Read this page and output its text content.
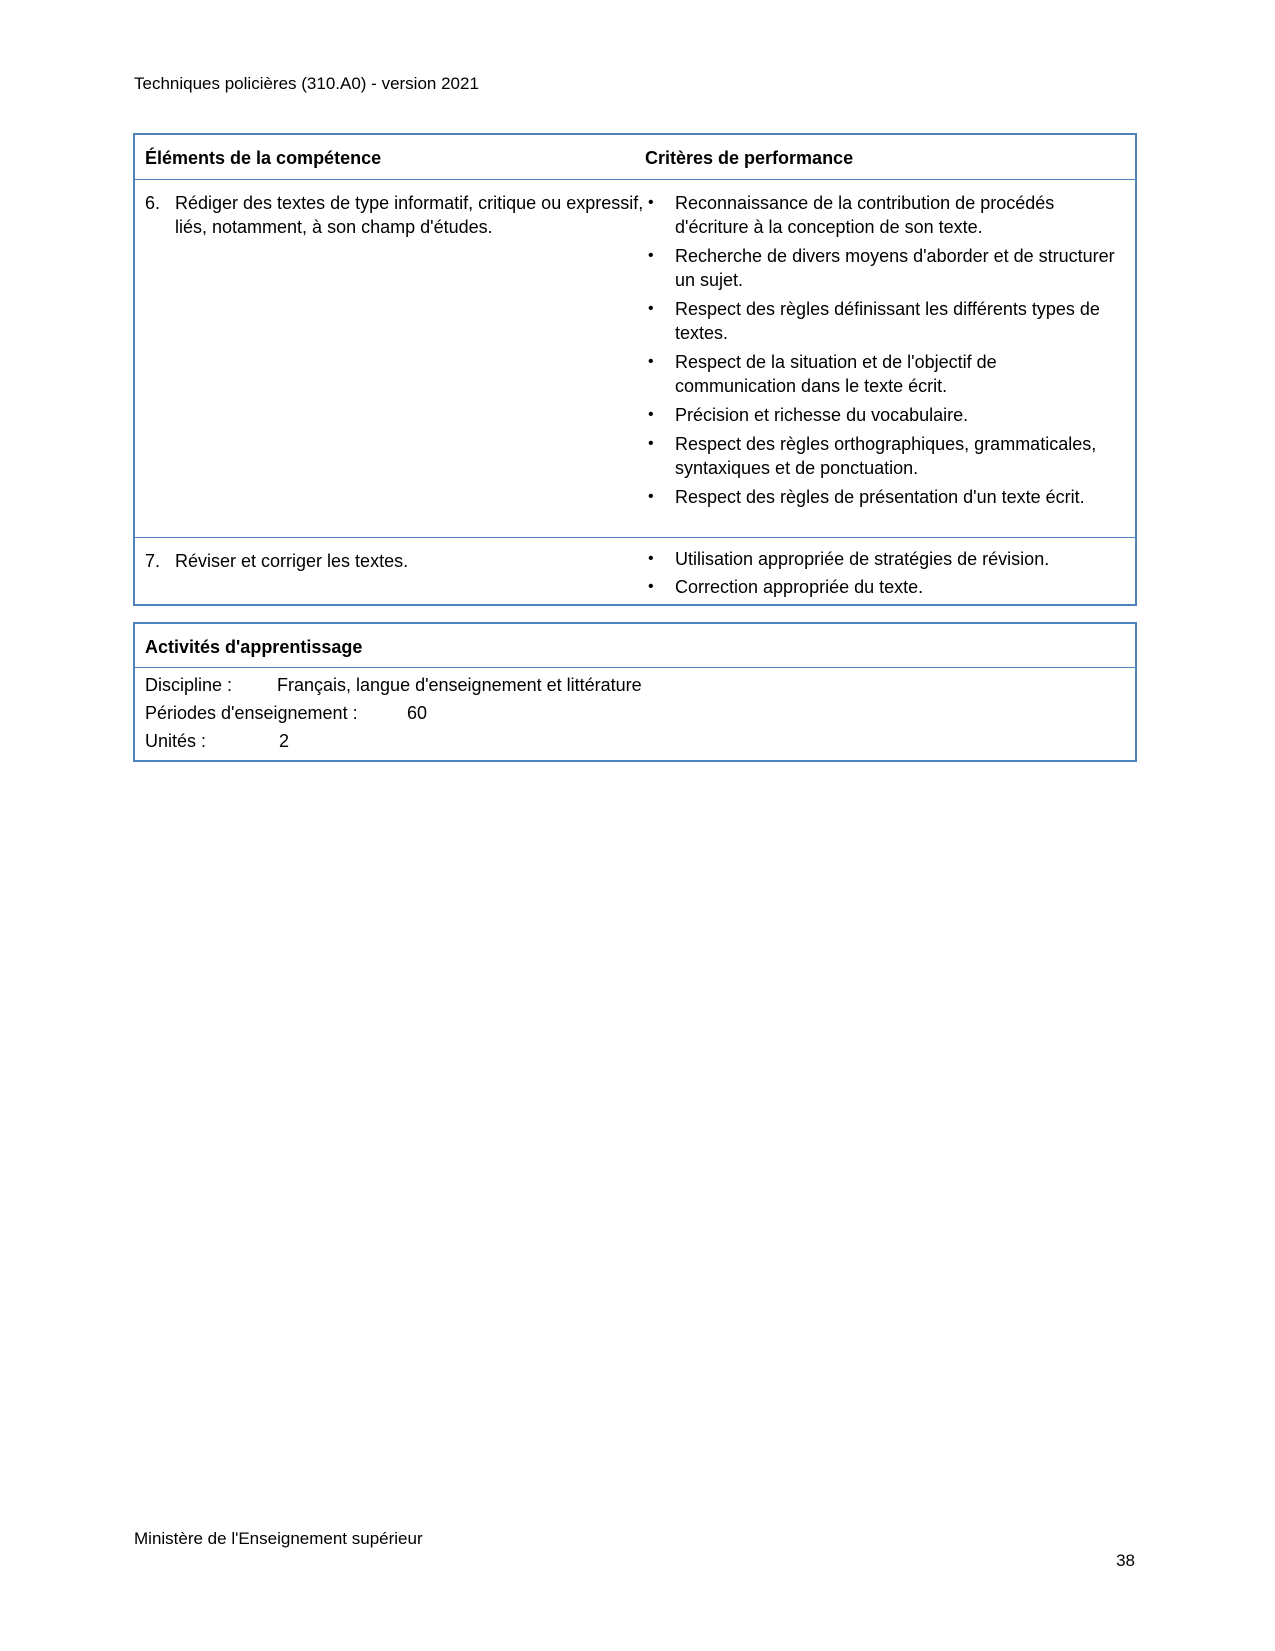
Techniques policières (310.A0) - version 2021
Éléments de la compétence	Critères de performance
6. Rédiger des textes de type informatif, critique ou expressif, liés, notamment, à son champ d'études.
• Reconnaissance de la contribution de procédés d'écriture à la conception de son texte.
• Recherche de divers moyens d'aborder et de structurer un sujet.
• Respect des règles définissant les différents types de textes.
• Respect de la situation et de l'objectif de communication dans le texte écrit.
• Précision et richesse du vocabulaire.
• Respect des règles orthographiques, grammaticales, syntaxiques et de ponctuation.
• Respect des règles de présentation d'un texte écrit.
7. Réviser et corriger les textes.	• Utilisation appropriée de stratégies de révision.
• Correction appropriée du texte.
Activités d'apprentissage
Discipline : Français, langue d'enseignement et littérature
Périodes d'enseignement :	60
Unités :	2
Ministère de l'Enseignement supérieur
38
